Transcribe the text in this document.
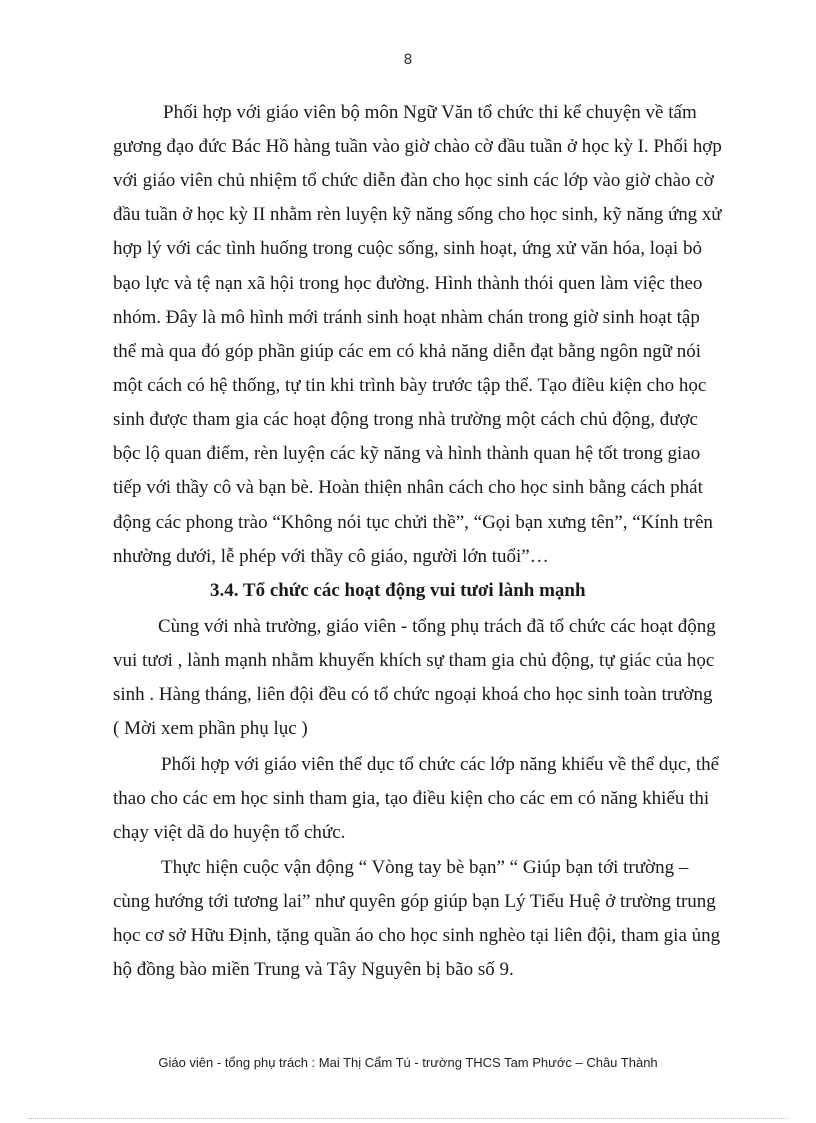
8
Phối hợp với giáo viên bộ môn Ngữ Văn tổ chức thi kể chuyện về tấm
gương đạo đức Bác Hồ hàng tuần vào giờ chào cờ đầu tuần ở học kỳ I. Phối hợp
với giáo viên chủ nhiệm tổ chức diễn đàn cho học sinh các lớp vào giờ chào cờ
đầu tuần ở học kỳ II nhằm rèn luyện kỹ năng sống cho học sinh, kỹ năng ứng xử
hợp lý với các tình huống trong cuộc sống, sinh hoạt, ứng xử văn hóa, loại bỏ
bạo lực và tệ nạn xã hội trong học đường. Hình thành thói quen làm việc theo
nhóm. Đây là mô hình mới tránh sinh hoạt nhàm chán trong giờ sinh hoạt tập
thể mà qua đó góp phần giúp các em có khả năng diễn đạt bằng ngôn ngữ nói
một cách có hệ thống, tự tin khi trình bày trước tập thể. Tạo điều kiện cho học
sinh được tham gia các hoạt động trong nhà trường một cách chủ động, được
bộc lộ quan điểm, rèn luyện các kỹ năng và hình thành quan hệ tốt trong giao
tiếp với thầy cô và bạn bè. Hoàn thiện nhân cách cho học sinh bằng cách phát
động các phong trào “Không nói tục chửi thề”, “Gọi bạn xưng tên”, “Kính trên
nhường dưới, lễ phép với thầy cô giáo, người lớn tuổi”…
3.4. Tổ chức các hoạt động vui tươi lành mạnh
Cùng với nhà trường, giáo viên - tổng phụ trách đã tổ chức các hoạt động
vui tươi , lành mạnh nhằm khuyến khích sự tham gia chủ động, tự giác của học
sinh . Hàng tháng, liên đội đều có tổ chức ngoại khoá cho học sinh toàn trường
( Mời xem phần phụ lục )
Phối hợp với giáo viên thể dục tổ chức các lớp năng khiếu về thể dục, thể
thao cho các em học sinh tham gia, tạo điều kiện cho các em có năng khiếu thi
chạy việt dã do huyện tổ chức.
Thực hiện cuộc vận động “ Vòng tay bè bạn” “ Giúp bạn tới trường –
cùng hướng tới tương lai” như quyên góp giúp bạn Lý Tiểu Huệ ở trường trung
học cơ sở Hữu Định, tặng quần áo cho học sinh nghèo tại liên đội, tham gia ủng
hộ đồng bào miền Trung và Tây Nguyên bị bão số 9.
Giáo viên - tổng phụ trách : Mai Thị Cẩm Tú - trường THCS Tam Phước – Châu Thành
